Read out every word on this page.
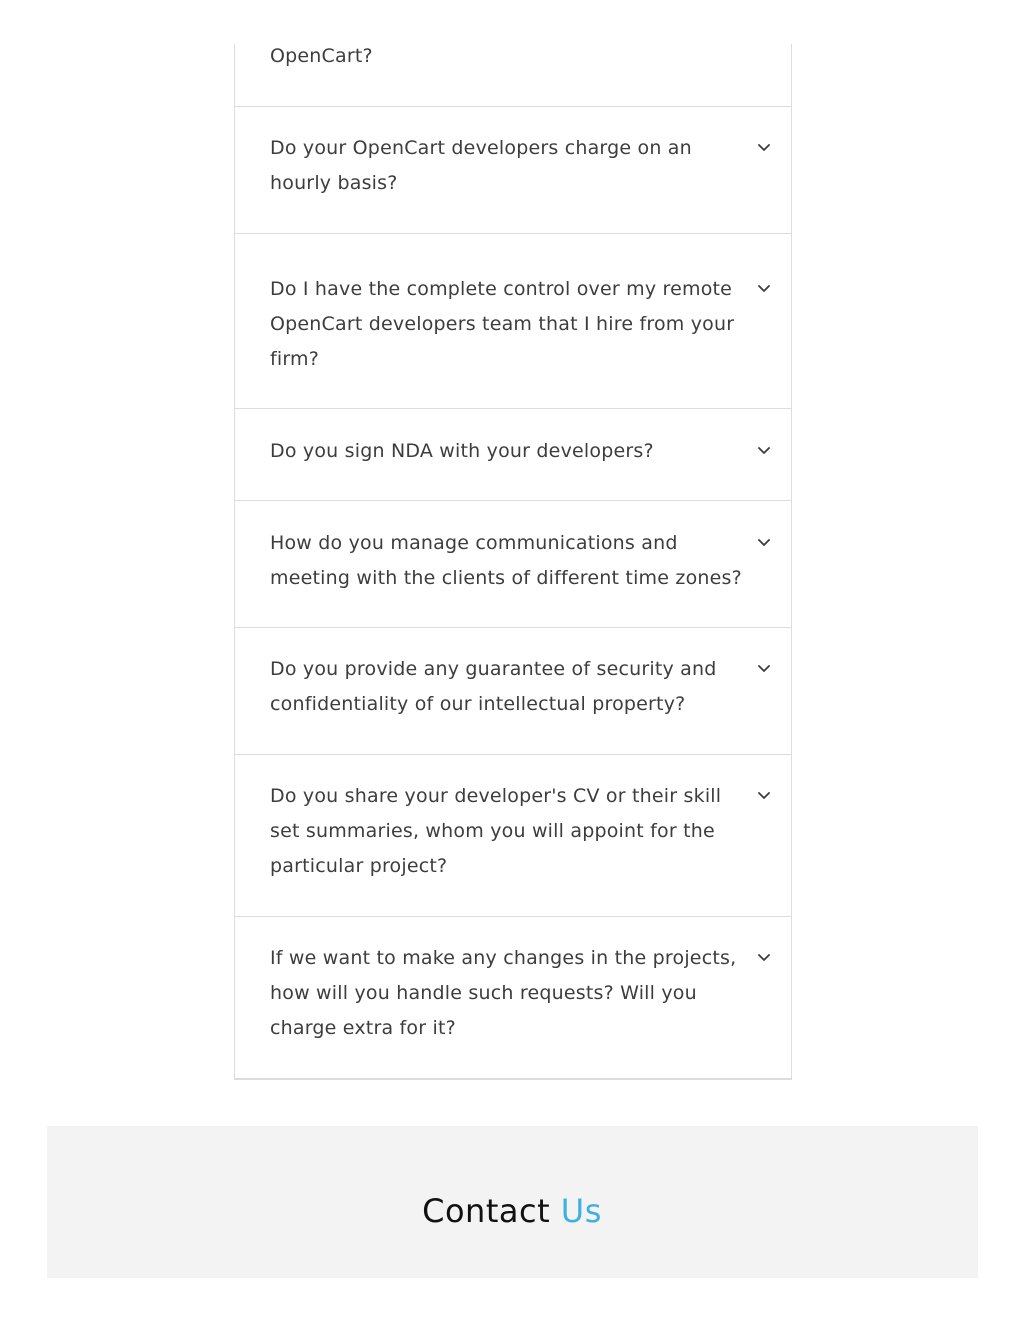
OpenCart?
Do your OpenCart developers charge on an hourly basis?
Do I have the complete control over my remote OpenCart developers team that I hire from your firm?
Do you sign NDA with your developers?
How do you manage communications and meeting with the clients of different time zones?
Do you provide any guarantee of security and confidentiality of our intellectual property?
Do you share your developer's CV or their skill set summaries, whom you will appoint for the particular project?
If we want to make any changes in the projects, how will you handle such requests? Will you charge extra for it?
Contact Us
